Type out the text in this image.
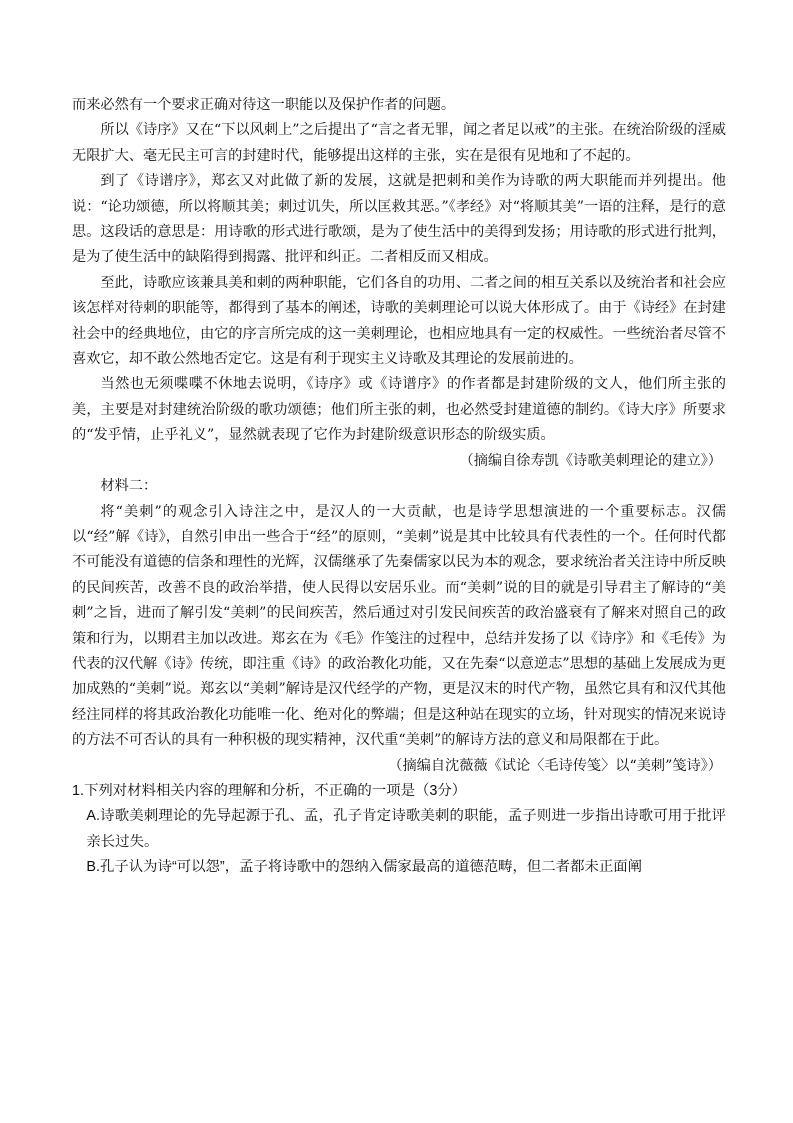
而来必然有一个要求正确对待这一职能以及保护作者的问题。

所以《诗序》又在“下以风刺上”之后提出了“言之者无罪，闻之者足以戒”的主张。在统治阶级的淫威无限扩大、毫无民主可言的封建时代，能够提出这样的主张，实在是很有见地和了不起的。

到了《诗谱序》，郑玄又对此做了新的发展，这就是把刺和美作为诗歌的两大职能而并列提出。他说：“论功颂德，所以将顺其美；刺过讥失，所以匡救其恶。”《孝经》对“将顺其美”一语的注释，是行的意思。这段话的意思是：用诗歌的形式进行歌颂，是为了使生活中的美得到发扬；用诗歌的形式进行批判，是为了使生活中的缺陷得到揭露、批评和纠正。二者相反而又相成。

至此，诗歌应该兼具美和刺的两种职能，它们各自的功用、二者之间的相互关系以及统治者和社会应该怎样对待刺的职能等，都得到了基本的阐述，诗歌的美刺理论可以说大体形成了。由于《诗经》在封建社会中的经典地位，由它的序言所完成的这一美刺理论，也相应地具有一定的权威性。一些统治者尽管不喜欢它，却不敢公然地否定它。这是有利于现实主义诗歌及其理论的发展前进的。

当然也无须喋喋不休地去说明，《诗序》或《诗谱序》的作者都是封建阶级的文人，他们所主张的美，主要是对封建统治阶级的歌功颂德；他们所主张的刺，也必然受封建道德的制约。《诗大序》所要求的“发乎情，止乎礼义”，显然就表现了它作为封建阶级意识形态的阶级实质。

（摘编自徐寿凯《诗歌美刺理论的建立》）

材料二：

将“美刺”的观念引入诗注之中，是汉人的一大贡献，也是诗学思想演进的一个重要标志。汉儒以“经”解《诗》，自然引申出一些合于“经”的原则，“美刺”说是其中比较具有代表性的一个。任何时代都不可能没有道德的信条和理性的光辉，汉儒继承了先秦儒家以民为本的观念，要求统治者关注诗中所反映的民间疾苦，改善不良的政治举措，使人民得以安居乐业。而“美刺”说的目的就是引导君主了解诗的“美刺”之旨，进而了解引发“美刺”的民间疾苦，然后通过对引发民间疾苦的政治盛衰有了解来对照自己的政策和行为，以期君主加以改进。郑玄在为《毛》作笺注的过程中，总结并发扬了以《诗序》和《毛传》为代表的汉代解《诗》传统，即注重《诗》的政治教化功能，又在先秦“以意逆志”思想的基础上发展成为更加成熟的“美刺”说。郑玄以“美刺”解诗是汉代经学的产物，更是汉末的时代产物，虽然它具有和汉代其他经注同样的将其政治教化功能唯一化、绝对化的弊端；但是这种站在现实的立场，针对现实的情况来说诗的方法不可否认的具有一种积极的现实精神，汉代重“美刺”的解诗方法的意义和局限都在于此。

（摘编自沈薇薇《试论〈毛诗传笺〉以“美刺”笺诗》）

1.下列对材料相关内容的理解和分析，不正确的一项是（3分）

A.诗歌美刺理论的先导起源于孔、孟，孔子肯定诗歌美刺的职能，孟子则进一步指出诗歌可用于批评亲长过失。

B.孔子认为诗“可以怨”，孟子将诗歌中的怨纳入儒家最高的道德范畴，但二者都未正面阐
